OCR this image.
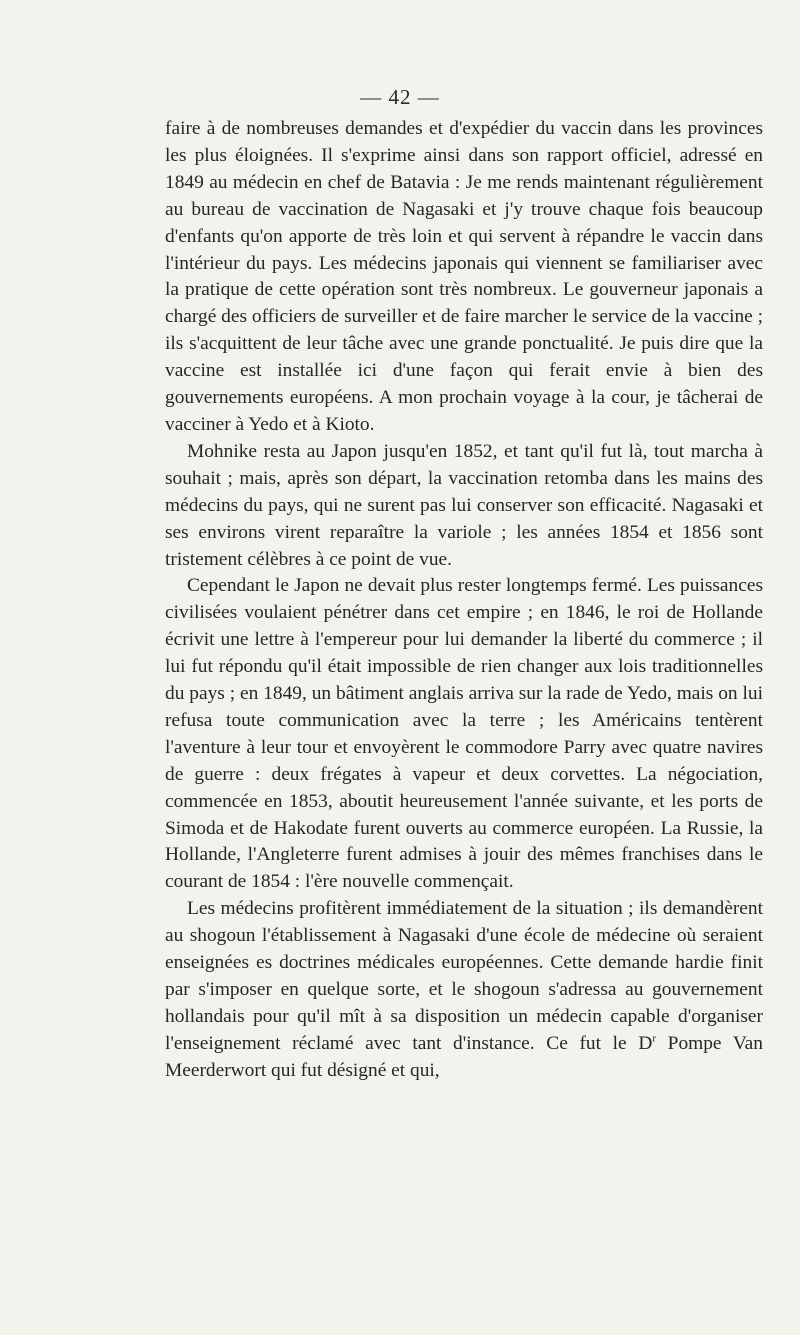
— 42 —

faire à de nombreuses demandes et d'expédier du vaccin dans les provinces les plus éloignées. Il s'exprime ainsi dans son rapport officiel, adressé en 1849 au médecin en chef de Batavia : Je me rends maintenant régulièrement au bureau de vaccination de Nagasaki et j'y trouve chaque fois beaucoup d'enfants qu'on apporte de très loin et qui servent à répandre le vaccin dans l'intérieur du pays. Les médecins japonais qui viennent se familiariser avec la pratique de cette opération sont très nombreux. Le gouverneur japonais a chargé des officiers de surveiller et de faire marcher le service de la vaccine ; ils s'acquittent de leur tâche avec une grande ponctualité. Je puis dire que la vaccine est installée ici d'une façon qui ferait envie à bien des gouvernements européens. A mon prochain voyage à la cour, je tâcherai de vacciner à Yedo et à Kioto.

Mohnike resta au Japon jusqu'en 1852, et tant qu'il fut là, tout marcha à souhait ; mais, après son départ, la vaccination retomba dans les mains des médecins du pays, qui ne surent pas lui conserver son efficacité. Nagasaki et ses environs virent reparaître la variole ; les années 1854 et 1856 sont tristement célèbres à ce point de vue.

Cependant le Japon ne devait plus rester longtemps fermé. Les puissances civilisées voulaient pénétrer dans cet empire ; en 1846, le roi de Hollande écrivit une lettre à l'empereur pour lui demander la liberté du commerce ; il lui fut répondu qu'il était impossible de rien changer aux lois traditionnelles du pays ; en 1849, un bâtiment anglais arriva sur la rade de Yedo, mais on lui refusa toute communication avec la terre ; les Américains tentèrent l'aventure à leur tour et envoyèrent le commodore Parry avec quatre navires de guerre : deux frégates à vapeur et deux corvettes. La négociation, commencée en 1853, aboutit heureusement l'année suivante, et les ports de Simoda et de Hakodate furent ouverts au commerce européen. La Russie, la Hollande, l'Angleterre furent admises à jouir des mêmes franchises dans le courant de 1854 : l'ère nouvelle commençait.

Les médecins profitèrent immédiatement de la situation ; ils demandèrent au shogoun l'établissement à Nagasaki d'une école de médecine où seraient enseignées es doctrines médicales européennes. Cette demande hardie finit par s'imposer en quelque sorte, et le shogoun s'adressa au gouvernement hollandais pour qu'il mît à sa disposition un médecin capable d'organiser l'enseignement réclamé avec tant d'instance. Ce fut le $D^r$ Pompe Van Meerderwort qui fut désigné et qui,
